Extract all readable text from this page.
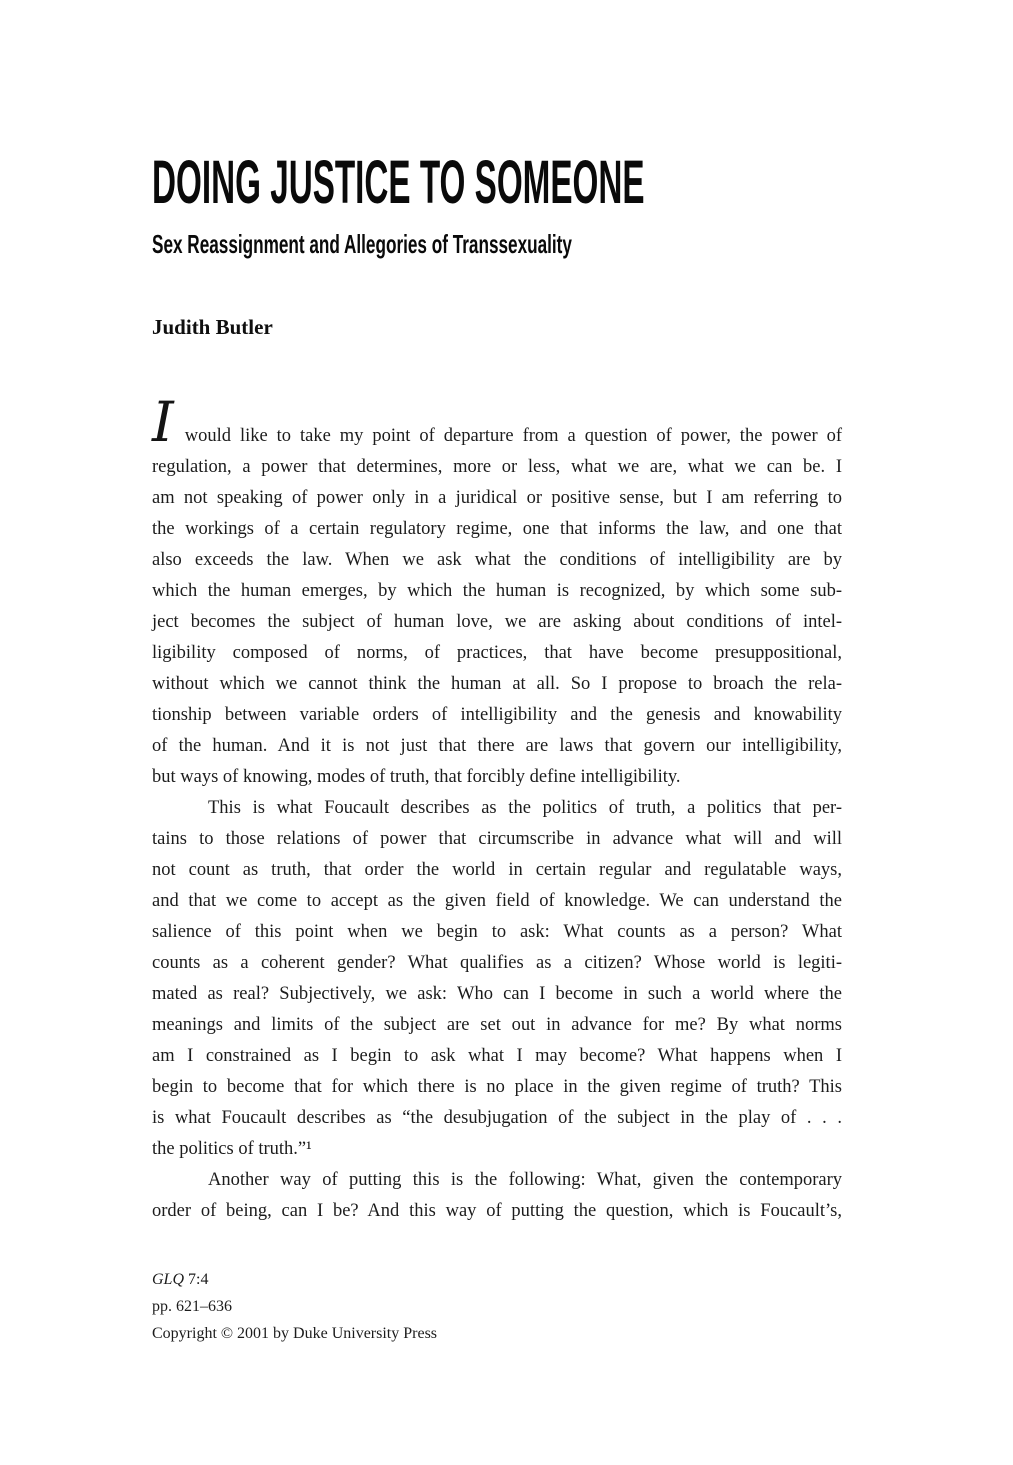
DOING JUSTICE TO SOMEONE
Sex Reassignment and Allegories of Transsexuality
Judith Butler
Iwould like to take my point of departure from a question of power, the power of
regulation, a power that determines, more or less, what we are, what we can be. I
am not speaking of power only in a juridical or positive sense, but I am referring to
the workings of a certain regulatory regime, one that informs the law, and one that
also exceeds the law. When we ask what the conditions of intelligibility are by
which the human emerges, by which the human is recognized, by which some sub-
ject becomes the subject of human love, we are asking about conditions of intel-
ligibility composed of norms, of practices, that have become presuppositional,
without which we cannot think the human at all. So I propose to broach the rela-
tionship between variable orders of intelligibility and the genesis and knowability
of the human. And it is not just that there are laws that govern our intelligibility,
but ways of knowing, modes of truth, that forcibly define intelligibility.
This is what Foucault describes as the politics of truth, a politics that per-
tains to those relations of power that circumscribe in advance what will and will
not count as truth, that order the world in certain regular and regulatable ways,
and that we come to accept as the given field of knowledge. We can understand the
salience of this point when we begin to ask: What counts as a person? What
counts as a coherent gender? What qualifies as a citizen? Whose world is legiti-
mated as real? Subjectively, we ask: Who can I become in such a world where the
meanings and limits of the subject are set out in advance for me? By what norms
am I constrained as I begin to ask what I may become? What happens when I
begin to become that for which there is no place in the given regime of truth? This
is what Foucault describes as “the desubjugation of the subject in the play of . . .
the politics of truth.”¹
Another way of putting this is the following: What, given the contemporary
order of being, can I be? And this way of putting the question, which is Foucault’s,
GLQ 7:4
pp. 621–636
Copyright © 2001 by Duke University Press
